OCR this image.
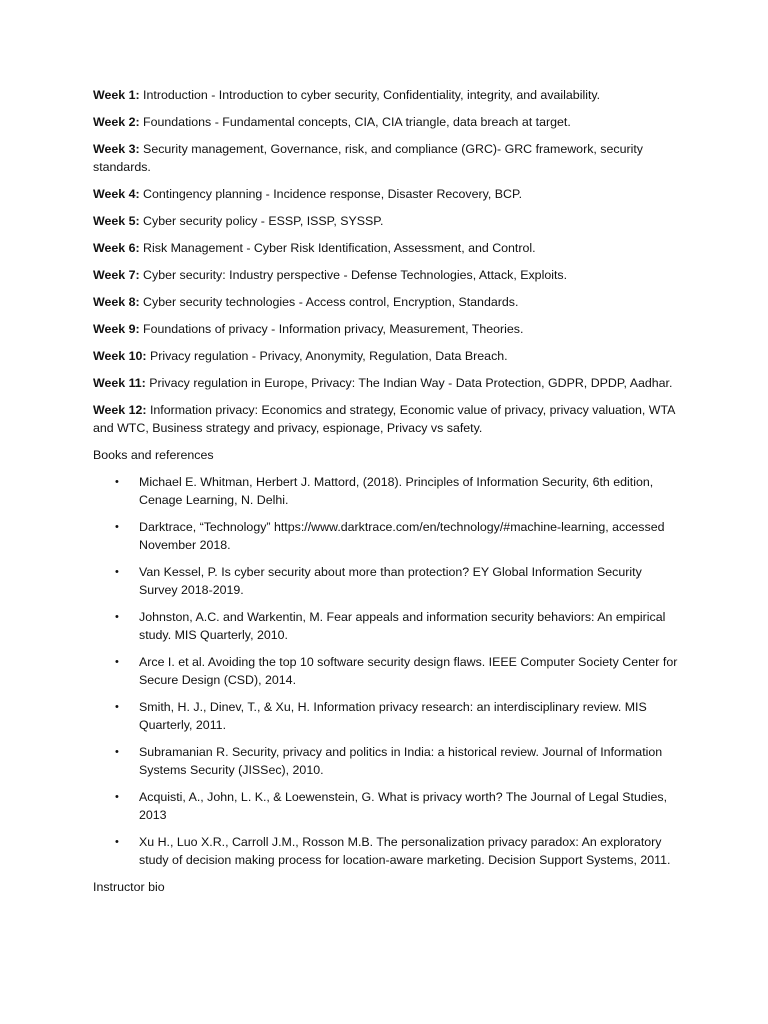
Week 1: Introduction - Introduction to cyber security, Confidentiality, integrity, and availability.

Week 2: Foundations - Fundamental concepts, CIA, CIA triangle, data breach at target.

Week 3: Security management, Governance, risk, and compliance (GRC)- GRC framework, security standards.

Week 4: Contingency planning - Incidence response, Disaster Recovery, BCP.

Week 5: Cyber security policy - ESSP, ISSP, SYSSP.

Week 6: Risk Management - Cyber Risk Identification, Assessment, and Control.

Week 7: Cyber security: Industry perspective - Defense Technologies, Attack, Exploits.

Week 8: Cyber security technologies - Access control, Encryption, Standards.

Week 9: Foundations of privacy - Information privacy, Measurement, Theories.

Week 10: Privacy regulation - Privacy, Anonymity, Regulation, Data Breach.

Week 11: Privacy regulation in Europe, Privacy: The Indian Way - Data Protection, GDPR, DPDP, Aadhar.

Week 12: Information privacy: Economics and strategy, Economic value of privacy, privacy valuation, WTA and WTC, Business strategy and privacy, espionage, Privacy vs safety.

Books and references

• Michael E. Whitman, Herbert J. Mattord, (2018). Principles of Information Security, 6th edition, Cenage Learning, N. Delhi.
• Darktrace, “Technology” https://www.darktrace.com/en/technology/#machine-learning, accessed November 2018.
• Van Kessel, P. Is cyber security about more than protection? EY Global Information Security Survey 2018-2019.
• Johnston, A.C. and Warkentin, M. Fear appeals and information security behaviors: An empirical study. MIS Quarterly, 2010.
• Arce I. et al. Avoiding the top 10 software security design flaws. IEEE Computer Society Center for Secure Design (CSD), 2014.
• Smith, H. J., Dinev, T., & Xu, H. Information privacy research: an interdisciplinary review. MIS Quarterly, 2011.
• Subramanian R. Security, privacy and politics in India: a historical review. Journal of Information Systems Security (JISSec), 2010.
• Acquisti, A., John, L. K., & Loewenstein, G. What is privacy worth? The Journal of Legal Studies, 2013
• Xu H., Luo X.R., Carroll J.M., Rosson M.B. The personalization privacy paradox: An exploratory study of decision making process for location-aware marketing. Decision Support Systems, 2011.

Instructor bio
